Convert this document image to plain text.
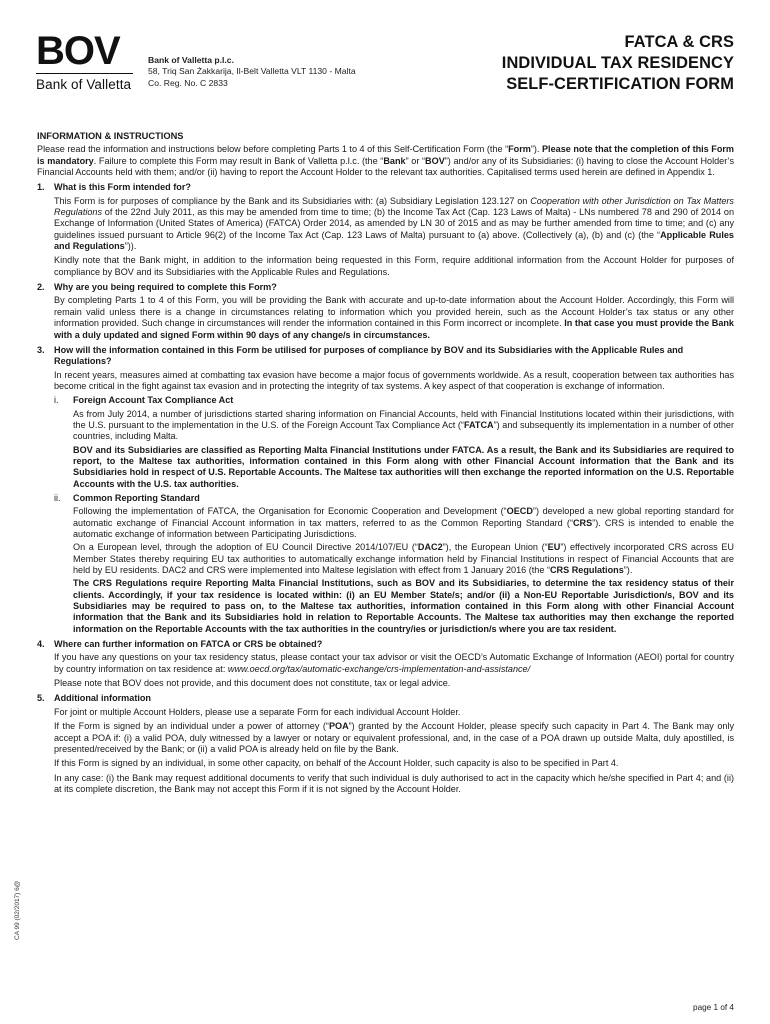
BOV
Bank of Valletta
Bank of Valletta p.l.c.
58, Triq San Żakkarija, Il-Belt Valletta VLT 1130 - Malta
Co. Reg. No. C 2833
FATCA & CRS
INDIVIDUAL TAX RESIDENCY
SELF-CERTIFICATION FORM
INFORMATION & INSTRUCTIONS

Please read the information and instructions below before completing Parts 1 to 4 of this Self-Certification Form (the “Form”). Please note that the completion of this Form is mandatory. Failure to complete this Form may result in Bank of Valletta p.l.c. (the “Bank” or “BOV”) and/or any of its Subsidiaries: (i) having to close the Account Holder’s Financial Accounts held with them; and/or (ii) having to report the Account Holder to the relevant tax authorities. Capitalised terms used herein are defined in Appendix 1.

1.	What is this Form intended for?

This Form is for purposes of compliance by the Bank and its Subsidiaries with: (a) Subsidiary Legislation 123.127 on Cooperation with other Jurisdiction on Tax Matters Regulations of the 22nd July 2011, as this may be amended from time to time; (b) the Income Tax Act (Cap. 123 Laws of Malta) - LNs numbered 78 and 290 of 2014 on Exchange of Information (United States of America) (FATCA) Order 2014, as amended by LN 30 of 2015 and as may be further amended from time to time; and (c) any guidelines issued pursuant to Article 96(2) of the Income Tax Act (Cap. 123 Laws of Malta) pursuant to (a) above. (Collectively (a), (b) and (c) (the “Applicable Rules and Regulations”)).

Kindly note that the Bank might, in addition to the information being requested in this Form, require additional information from the Account Holder for purposes of compliance by BOV and its Subsidiaries with the Applicable Rules and Regulations.

2.	Why are you being required to complete this Form?

By completing Parts 1 to 4 of this Form, you will be providing the Bank with accurate and up-to-date information about the Account Holder. Accordingly, this Form will remain valid unless there is a change in circumstances relating to information which you provided herein, such as the Account Holder’s tax status or any other information provided. Such change in circumstances will render the information contained in this Form incorrect or incomplete. In that case you must provide the Bank with a duly updated and signed Form within 90 days of any change/s in circumstances.

3.	How will the information contained in this Form be utilised for purposes of compliance by BOV and its Subsidiaries with the Applicable Rules and Regulations?

In recent years, measures aimed at combatting tax evasion have become a major focus of governments worldwide. As a result, cooperation between tax authorities has become critical in the fight against tax evasion and in protecting the integrity of tax systems. A key aspect of that cooperation is exchange of information.

i.	Foreign Account Tax Compliance Act

As from July 2014, a number of jurisdictions started sharing information on Financial Accounts, held with Financial Institutions located within their jurisdictions, with the U.S. pursuant to the implementation in the U.S. of the Foreign Account Tax Compliance Act (“FATCA”) and subsequently its implementation in a number of other countries, including Malta.

BOV and its Subsidiaries are classified as Reporting Malta Financial Institutions under FATCA. As a result, the Bank and its Subsidiaries are required to report, to the Maltese tax authorities, information contained in this Form along with other Financial Account information that the Bank and its Subsidiaries hold in respect of U.S. Reportable Accounts. The Maltese tax authorities will then exchange the reported information on the U.S. Reportable Accounts with the U.S. tax authorities.

ii.	Common Reporting Standard

Following the implementation of FATCA, the Organisation for Economic Cooperation and Development (“OECD”) developed a new global reporting standard for automatic exchange of Financial Account information in tax matters, referred to as the Common Reporting Standard (“CRS”). CRS is intended to enable the automatic exchange of information between Participating Jurisdictions.

On a European level, through the adoption of EU Council Directive 2014/107/EU (“DAC2”), the European Union (“EU”) effectively incorporated CRS across EU Member States thereby requiring EU tax authorities to automatically exchange information held by Financial Institutions in respect of Financial Accounts that are held by EU residents. DAC2 and CRS were implemented into Maltese legislation with effect from 1 January 2016 (the “CRS Regulations”).

The CRS Regulations require Reporting Malta Financial Institutions, such as BOV and its Subsidiaries, to determine the tax residency status of their clients. Accordingly, if your tax residence is located within: (i) an EU Member State/s; and/or (ii) a Non-EU Reportable Jurisdiction/s, BOV and its Subsidiaries may be required to pass on, to the Maltese tax authorities, information contained in this Form along with other Financial Account information that the Bank and its Subsidiaries hold in relation to Reportable Accounts. The Maltese tax authorities may then exchange the reported information on the Reportable Accounts with the tax authorities in the country/ies or jurisdiction/s where you are tax resident.

4.	Where can further information on FATCA or CRS be obtained?

If you have any questions on your tax residency status, please contact your tax advisor or visit the OECD’s Automatic Exchange of Information (AEOI) portal for country by country information on tax residence at: www.oecd.org/tax/automatic-exchange/crs-implementation-and-assistance/

Please note that BOV does not provide, and this document does not constitute, tax or legal advice.

5.	Additional information

For joint or multiple Account Holders, please use a separate Form for each individual Account Holder.

If the Form is signed by an individual under a power of attorney (“POA”) granted by the Account Holder, please specify such capacity in Part 4. The Bank may only accept a POA if: (i) a valid POA, duly witnessed by a lawyer or notary or equivalent professional, and, in the case of a POA drawn up outside Malta, duly apostilled, is presented/received by the Bank; or (ii) a valid POA is already held on file by the Bank.

If this Form is signed by an individual, in some other capacity, on behalf of the Account Holder, such capacity is also to be specified in Part 4.

In any case: (i) the Bank may request additional documents to verify that such individual is duly authorised to act in the capacity which he/she specified in Part 4; and (ii) at its complete discretion, the Bank may not accept this Form if it is not signed by the Account Holder.

CA 99 (02/2017) 6@
page 1 of 4
